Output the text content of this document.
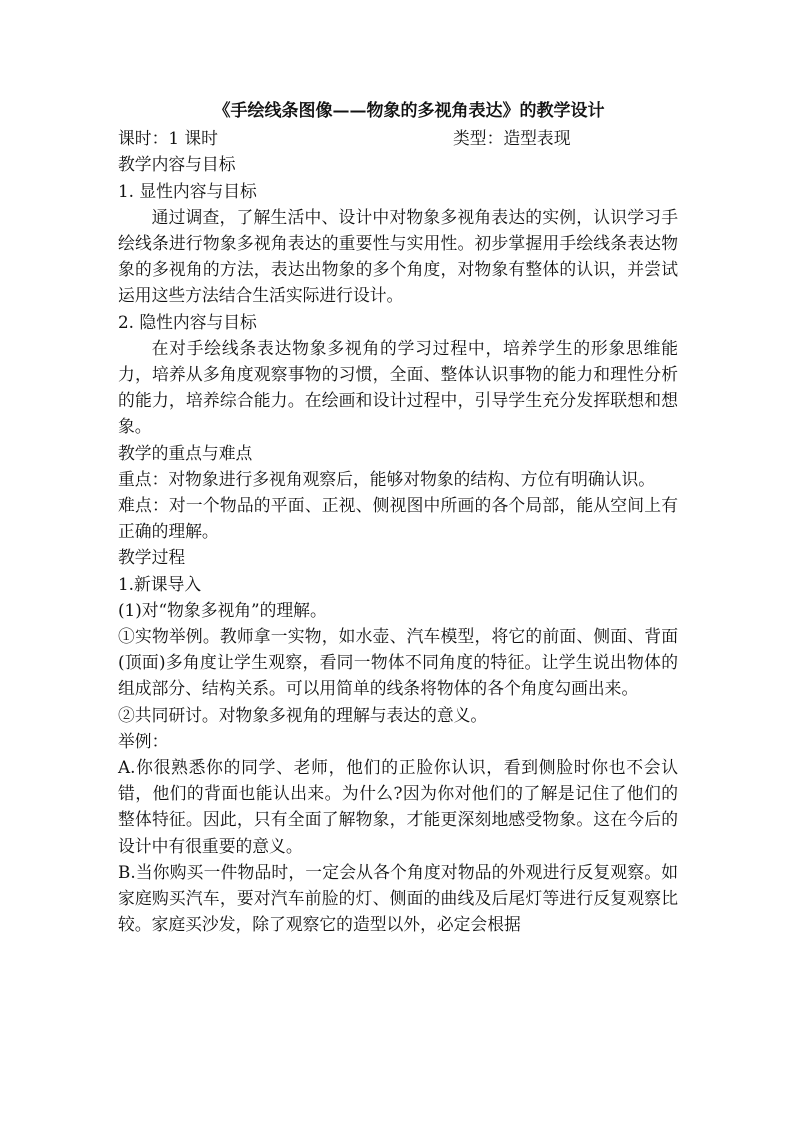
《手绘线条图像——物象的多视角表达》的教学设计
课时：1 课时	类型：造型表现
教学内容与目标
1. 显性内容与目标

通过调查，了解生活中、设计中对物象多视角表达的实例，认识学习手绘线条进行物象多视角表达的重要性与实用性。初步掌握用手绘线条表达物象的多视角的方法，表达出物象的多个角度，对物象有整体的认识，并尝试运用这些方法结合生活实际进行设计。

2. 隐性内容与目标

在对手绘线条表达物象多视角的学习过程中，培养学生的形象思维能力，培养从多角度观察事物的习惯，全面、整体认识事物的能力和理性分析的能力，培养综合能力。在绘画和设计过程中，引导学生充分发挥联想和想象。

教学的重点与难点

重点：对物象进行多视角观察后，能够对物象的结构、方位有明确认识。

难点：对一个物品的平面、正视、侧视图中所画的各个局部，能从空间上有正确的理解。

教学过程
1.新课导入
(1)对“物象多视角”的理解。

①实物举例。教师拿一实物，如水壶、汽车模型，将它的前面、侧面、背面(顶面)多角度让学生观察，看同一物体不同角度的特征。让学生说出物体的组成部分、结构关系。可以用简单的线条将物体的各个角度勾画出来。

②共同研讨。对物象多视角的理解与表达的意义。

举例：

A.你很熟悉你的同学、老师，他们的正脸你认识，看到侧脸时你也不会认错，他们的背面也能认出来。为什么?因为你对他们的了解是记住了他们的整体特征。因此，只有全面了解物象，才能更深刻地感受物象。这在今后的设计中有很重要的意义。

B.当你购买一件物品时，一定会从各个角度对物品的外观进行反复观察。如家庭购买汽车，要对汽车前脸的灯、侧面的曲线及后尾灯等进行反复观察比较。家庭买沙发，除了观察它的造型以外，必定会根据
